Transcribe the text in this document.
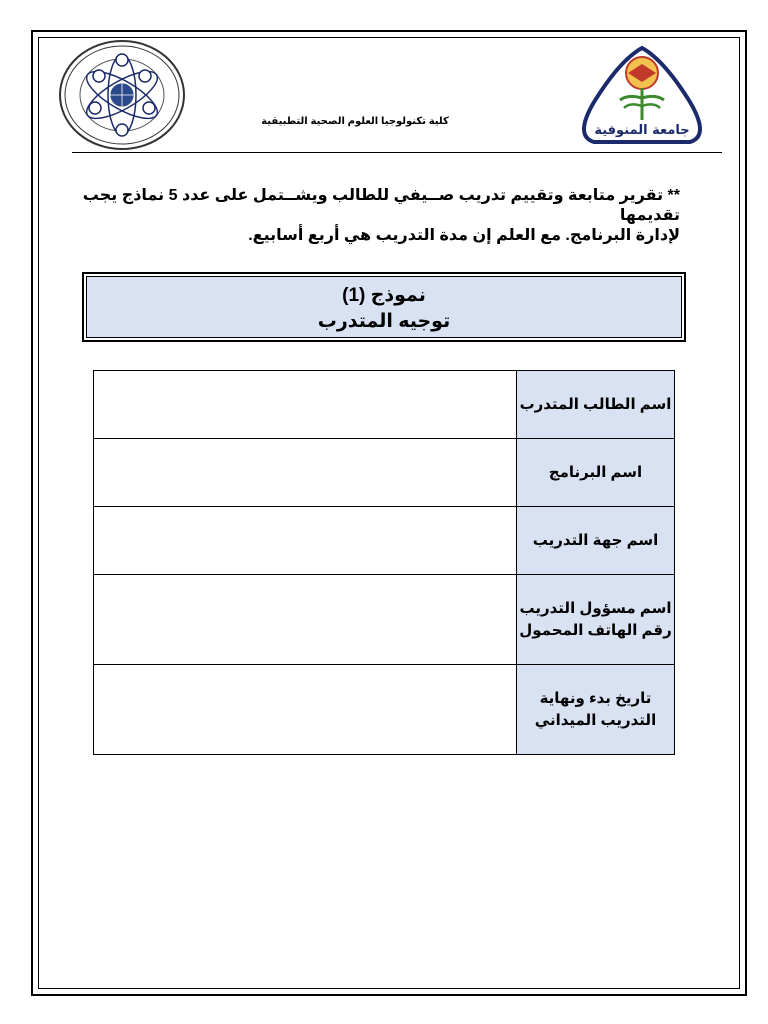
جامعة المنوفية
كلية تكنولوجيا العلوم الصحية التطبيقية
** تقرير متابعة وتقييم تدريب صــيفي للطالب ويشــتمل على عدد 5 نماذج يجب تقديمها
لإدارة البرنامج. مع العلم إن مدة التدريب هي أربع أسابيع.
نموذج (1)
توجيه المتدرب

	اسم الطالب المتدرب

	اسم البرنامج

	اسم جهة التدريب

	اسم مسؤول التدريب
رقم الهاتف المحمول

	تاريخ بدء ونهاية
التدريب الميداني
